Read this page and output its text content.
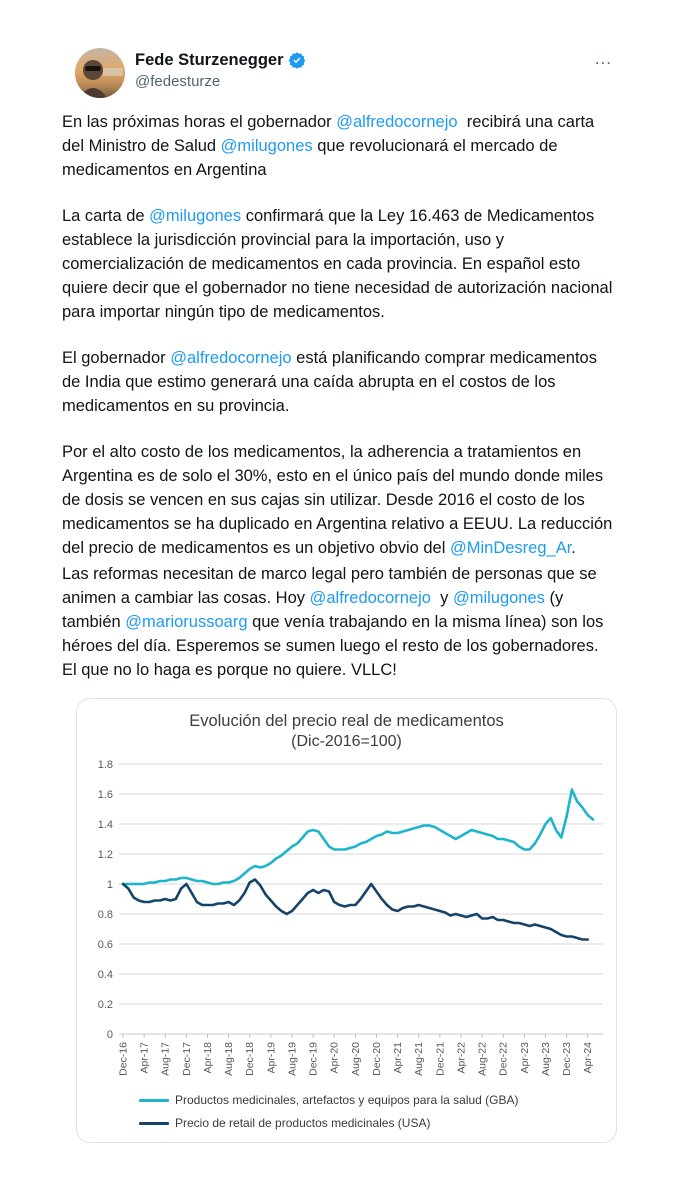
Fede Sturzenegger
@fedesturze
...

En las próximas horas el gobernador @alfredocornejo  recibirá una carta del Ministro de Salud @milugones que revolucionará el mercado de medicamentos en Argentina

La carta de @milugones confirmará que la Ley 16.463 de Medicamentos establece la jurisdicción provincial para la importación, uso y comercialización de medicamentos en cada provincia. En español esto quiere decir que el gobernador no tiene necesidad de autorización nacional para importar ningún tipo de medicamentos.

El gobernador @alfredocornejo está planificando comprar medicamentos de India que estimo generará una caída abrupta en el costos de los medicamentos en su provincia.

Por el alto costo de los medicamentos, la adherencia a tratamientos en Argentina es de solo el 30%, esto en el único país del mundo donde miles de dosis se vencen en sus cajas sin utilizar. Desde 2016 el costo de los medicamentos se ha duplicado en Argentina relativo a EEUU. La reducción del precio de medicamentos es un objetivo obvio del @MinDesreg_Ar.

Las reformas necesitan de marco legal pero también de personas que se animen a cambiar las cosas. Hoy @alfredocornejo  y @milugones (y también @mariorussoarg que venía trabajando en la misma línea) son los héroes del día. Esperemos se sumen luego el resto de los gobernadores. El que no lo haga es porque no quiere. VLLC!

Evolución del precio real de medicamentos
(Dic-2016=100)
0
0.2
0.4
0.6
0.8
1
1.2
1.4
1.6
1.8
Dec-16 Apr-17 Aug-17 Dec-17 Apr-18 Aug-18 Dec-18 Apr-19 Aug-19 Dec-19 Apr-20 Aug-20 Dec-20 Apr-21 Aug-21 Dec-21 Apr-22 Aug-22 Dec-22 Apr-23 Aug-23 Dec-23 Apr-24
Productos medicinales, artefactos y equipos para la salud (GBA)
Precio de retail de productos medicinales (USA)
